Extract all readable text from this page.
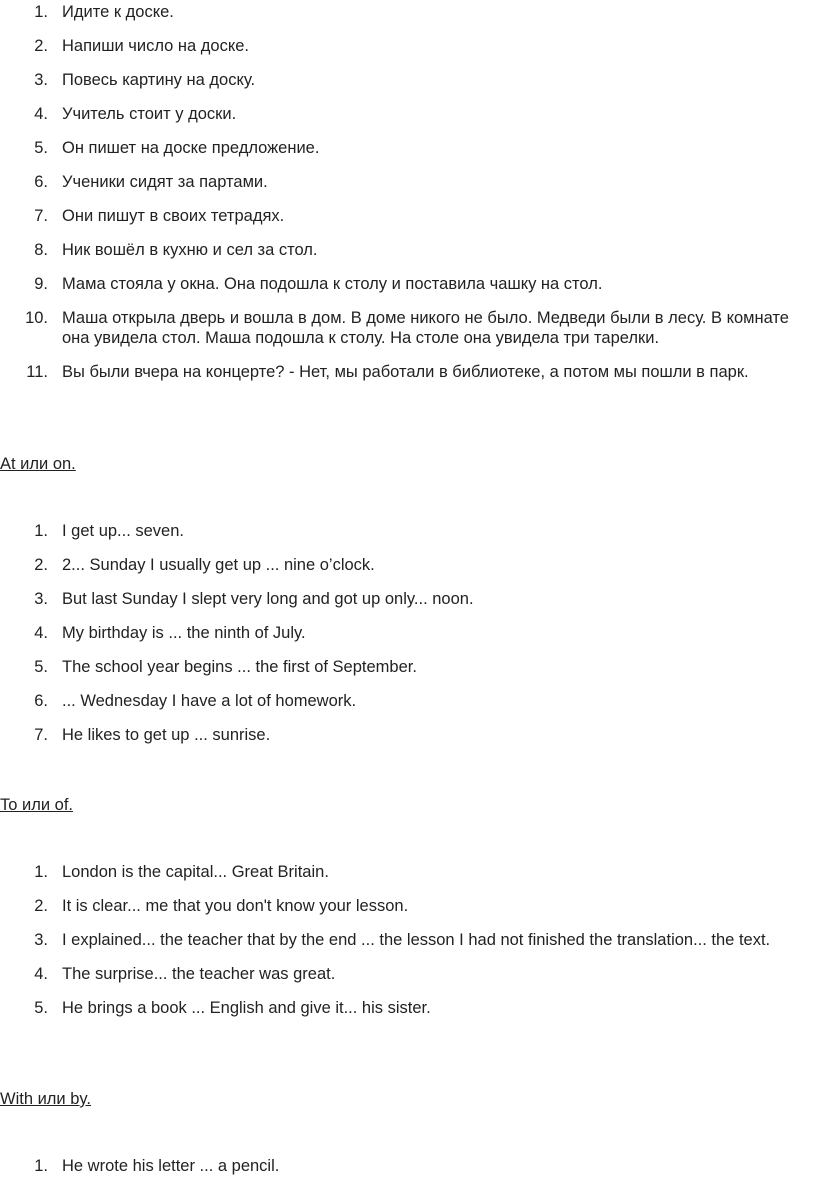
1. Идите к доске.
2. Напиши число на доске.
3. Повесь картину на доску.
4. Учитель стоит у доски.
5. Он пишет на доске предложение.
6. Ученики сидят за партами.
7. Они пишут в своих тетрадях.
8. Ник вошёл в кухню и сел за стол.
9. Мама стояла у окна. Она подошла к столу и поставила чашку на стол.
10. Маша открыла дверь и вошла в дом. В доме никого не было. Медведи были в лесу. В комнате она увидела стол. Маша подошла к столу. На столе она увидела три тарелки.
11. Вы были вчера на концерте? - Нет, мы работали в библиотеке, а потом мы пошли в парк.
At или on.
1. I get up... seven.
2. 2... Sunday I usually get up ... nine o’clock.
3. But last Sunday I slept very long and got up only... noon.
4. My birthday is ... the ninth of July.
5. The school year begins ... the first of September.
6. ... Wednesday I have a lot of homework.
7. He likes to get up ... sunrise.
To или of.
1. London is the capital... Great Britain.
2. It is clear... me that you don't know your lesson.
3. I explained... the teacher that by the end ... the lesson I had not finished the translation... the text.
4. The surprise... the teacher was great.
5. He brings a book ... English and give it... his sister.
With или by.
1. He wrote his letter ... a pencil.
